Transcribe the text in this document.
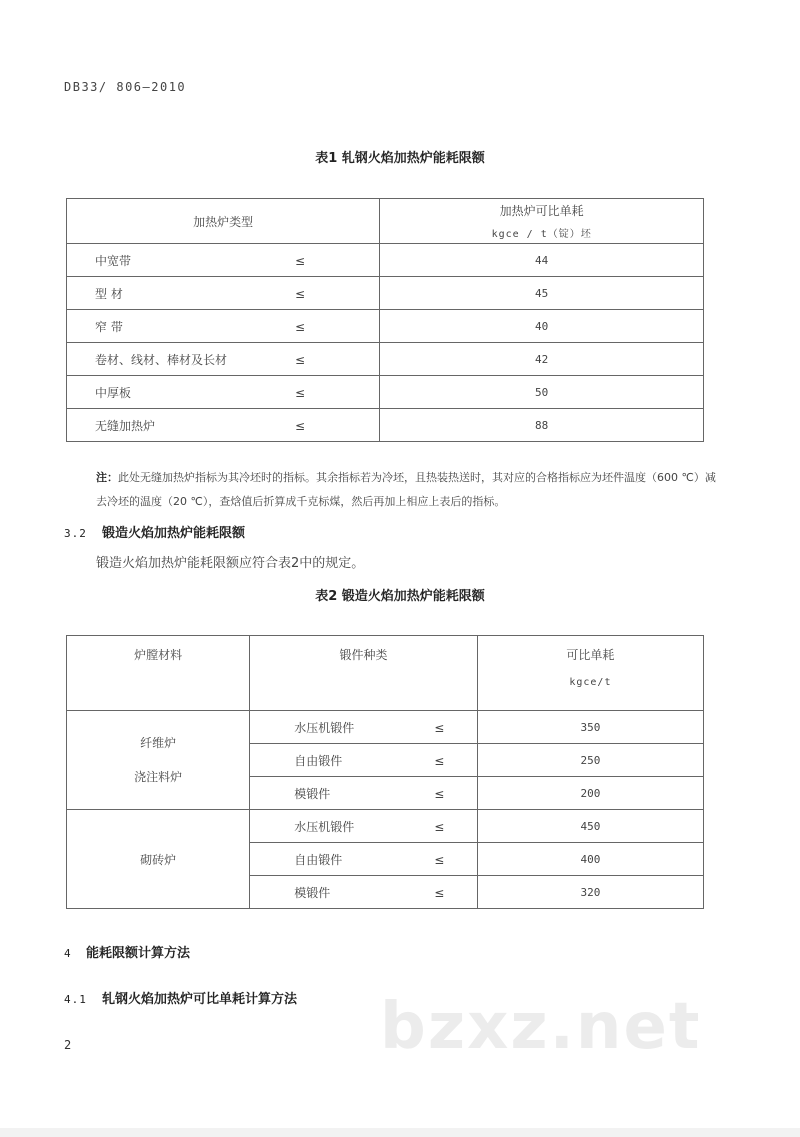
DB33/ 806—2010
表1 轧钢火焰加热炉能耗限额
加热炉类型	加热炉可比单耗
kgce / t（锭）坯

中宽带 ≤	44
型 材 ≤	45
窄 带 ≤	40
卷材、线材、棒材及长材 ≤	42
中厚板 ≤	50
无缝加热炉 ≤	88
注：此处无缝加热炉指标为其冷坯时的指标。其余指标若为冷坯，且热装热送时，其对应的合格指标应为坯件温度（600 ℃）减去冷坯的温度（20 ℃），查焓值后折算成千克标煤，然后再加上相应上表后的指标。
3.2 锻造火焰加热炉能耗限额
锻造火焰加热炉能耗限额应符合表2中的规定。
表2 锻造火焰加热炉能耗限额
炉膛材料	锻件种类	可比单耗
kgce/t

纤维炉
浇注料炉	水压机锻件 ≤	350
	自由锻件 ≤	250
	模锻件 ≤	200
砌砖炉	水压机锻件 ≤	450
	自由锻件 ≤	400
	模锻件 ≤	320
4 能耗限额计算方法
4.1 轧钢火焰加热炉可比单耗计算方法 bzxz.net
2
